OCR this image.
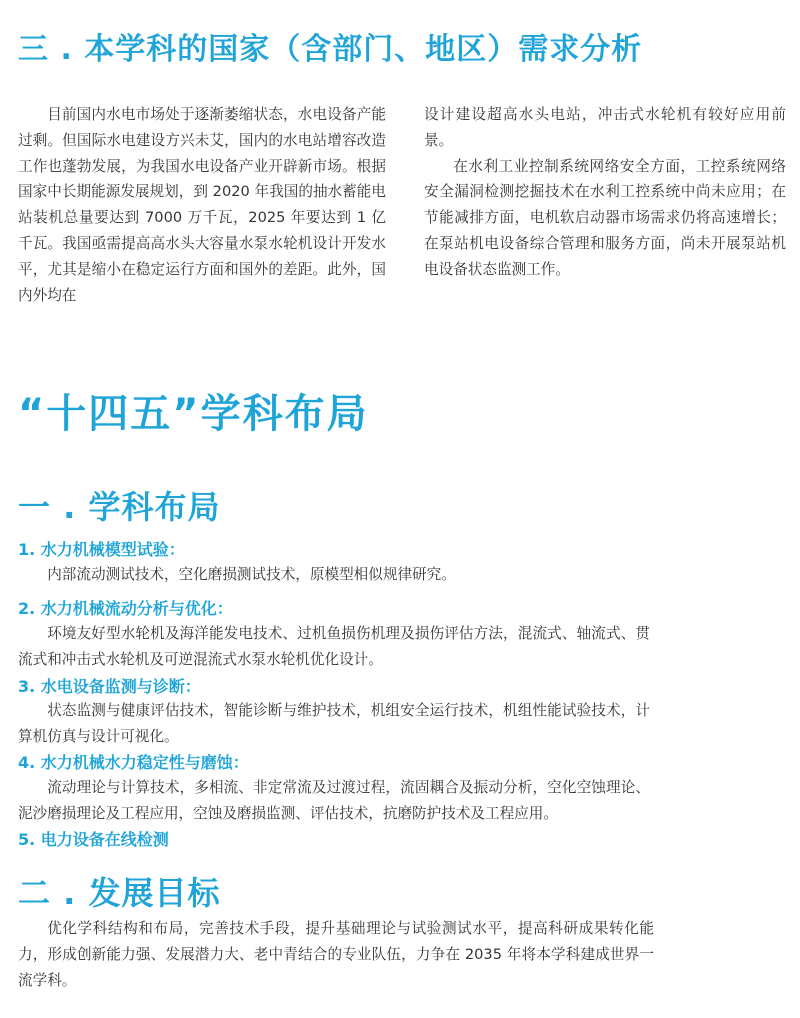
三 . 本学科的国家（含部门、地区）需求分析

目前国内水电市场处于逐渐萎缩状态，水电设备产能过剩。但国际水电建设方兴未艾，国内的水电站增容改造工作也蓬勃发展，为我国水电设备产业开辟新市场。根据国家中长期能源发展规划，到 2020 年我国的抽水蓄能电站装机总量要达到 7000 万千瓦，2025 年要达到 1 亿千瓦。我国亟需提高高水头大容量水泵水轮机设计开发水平，尤其是缩小在稳定运行方面和国外的差距。此外，国内外均在

设计建设超高水头电站，冲击式水轮机有较好应用前景。

在水利工业控制系统网络安全方面，工控系统网络安全漏洞检测挖掘技术在水利工控系统中尚未应用；在节能减排方面，电机软启动器市场需求仍将高速增长；在泵站机电设备综合管理和服务方面，尚未开展泵站机电设备状态监测工作。

“十四五”学科布局
一 . 学科布局
1. 水力机械模型试验：

内部流动测试技术，空化磨损测试技术，原模型相似规律研究。

2. 水力机械流动分析与优化：

环境友好型水轮机及海洋能发电技术、过机鱼损伤机理及损伤评估方法，混流式、轴流式、贯流式和冲击式水轮机及可逆混流式水泵水轮机优化设计。

3. 水电设备监测与诊断：

状态监测与健康评估技术，智能诊断与维护技术，机组安全运行技术，机组性能试验技术，计算机仿真与设计可视化。

4. 水力机械水力稳定性与磨蚀：

流动理论与计算技术，多相流、非定常流及过渡过程，流固耦合及振动分析，空化空蚀理论、泥沙磨损理论及工程应用，空蚀及磨损监测、评估技术，抗磨防护技术及工程应用。

5. 电力设备在线检测
二 . 发展目标

优化学科结构和布局，完善技术手段，提升基础理论与试验测试水平，提高科研成果转化能力，形成创新能力强、发展潜力大、老中青结合的专业队伍，力争在 2035 年将本学科建成世界一流学科。
